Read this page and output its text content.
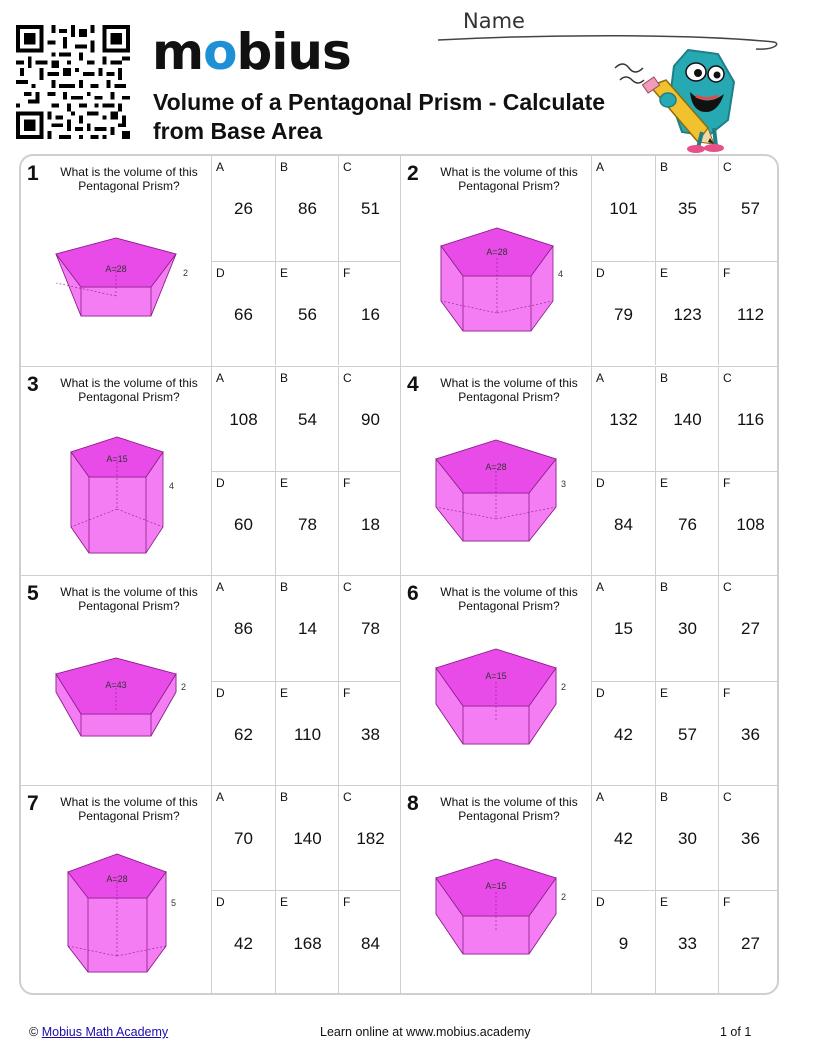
mobius
Volume of a Pentagonal Prism - Calculate from Base Area
Name
1 What is the volume of this Pentagonal Prism?
A=28	2
A
26
B
86
C
51
D
66
E
56
F
16
2 What is the volume of this Pentagonal Prism?
A=28
4
A
101
B
35
C
57
D
79
E
123
F
112
3 What is the volume of this Pentagonal Prism?
A=15
4
A
108
B
54
C
90
D
60
E
78
F
18
4 What is the volume of this Pentagonal Prism?
A=28
3
A
132
B
140
C
116
D
84
E
76
F
108
5 What is the volume of this Pentagonal Prism?
A=43	2
A
86
B
14
C
78
D
62
E
110
F
38
6 What is the volume of this Pentagonal Prism?
A=15
2
A
15
B
30
C
27
D
42
E
57
F
36
7 What is the volume of this Pentagonal Prism?
A=28
5
A
70
B
140
C
182
D
42
E
168
F
84
8 What is the volume of this Pentagonal Prism?
A=15
2
A
42
B
30
C
36
D
9
E
33
F
27
© Mobius Math Academy	Learn online at www.mobius.academy	1 of 1
